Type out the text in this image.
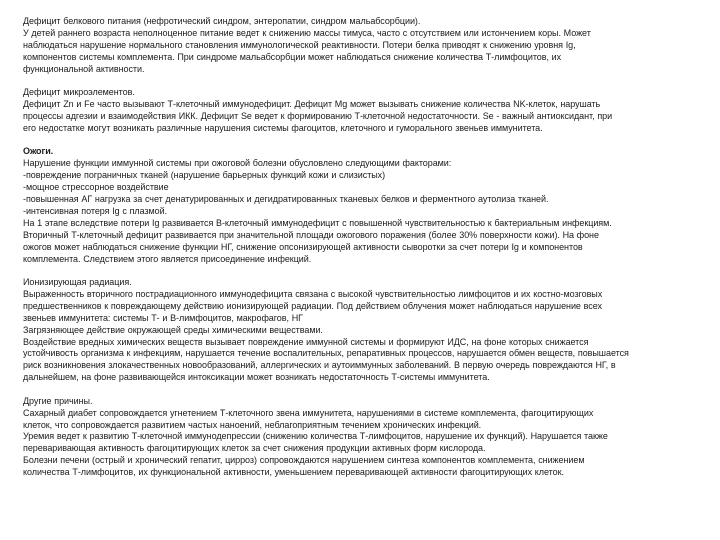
Дефицит белкового питания (нефротический синдром, энтеропатии, синдром мальабсорбции).
У детей раннего возраста неполноценное питание ведет к снижению массы тимуса, часто с отсутствием или истончением коры. Может
наблюдаться нарушение нормального становления иммунологической реактивности. Потери белка приводят к снижению уровня Ig,
компонентов системы комплемента. При синдроме мальабсорбции может наблюдаться снижение количества Т-лимфоцитов, их
функциональной активности.
Дефицит микроэлементов.
Дефицит Zn и Fe часто вызывают Т-клеточный иммунодефицит. Дефицит Mg может вызывать снижение количества NK-клеток, нарушать
процессы адгезии и взаимодействия ИКК. Дефицит Se ведет к формированию Т-клеточной недостаточности. Se - важный антиоксидант, при
его недостатке могут возникать различные нарушения системы фагоцитов, клеточного и гуморального звеньев иммунитета.
Ожоги.
Нарушение функции иммунной системы при ожоговой болезни обусловлено следующими факторами:
-повреждение пограничных тканей (нарушение барьерных функций кожи и слизистых)
-мощное стрессорное воздействие
-повышенная АГ нагрузка за счет денатурированных и дегидратированных тканевых белков и ферментного аутолиза тканей.
-интенсивная потеря Ig с плазмой.
На 1 этапе вследствие потери Ig развивается В-клеточный иммунодефицит с повышенной чувствительностью к бактериальным инфекциям.
Вторичный Т-клеточный дефицит развивается при значительной площади ожогового поражения (более 30% поверхности кожи). На фоне
ожогов может наблюдаться снижение функции НГ, снижение опсонизирующей активности сыворотки за счет потери Ig и компонентов
комплемента. Следствием этого является присоединение инфекций.
Ионизирующая радиация.
Выраженность вторичного пострадиационного иммунодефицита связана с высокой чувствительностью лимфоцитов и их костно-мозговых
предшественников к повреждающему действию ионизирующей радиации. Под действием облучения может наблюдаться нарушение всех
звеньев иммунитета: системы Т- и В-лимфоцитов, макрофагов, НГ
Загрязняющее действие окружающей среды химическими веществами.
Воздействие вредных химических веществ вызывает повреждение иммунной системы и формируют ИДС, на фоне которых снижается
устойчивость организма к инфекциям, нарушается течение воспалительных, репаративных процессов, нарушается обмен веществ, повышается
риск возникновения злокачественных новообразований, аллергических и аутоиммунных заболеваний. В первую очередь повреждаются НГ, в
дальнейшем, на фоне развивающейся интоксикации может возникать недостаточность Т-системы иммунитета.
Другие причины.
Сахарный диабет сопровождается угнетением Т-клеточного звена иммунитета, нарушениями в системе комплемента, фагоцитирующих
клеток, что сопровождается развитием частых наноений, неблагоприятным течением хронических инфекций.
Уремия ведет к развитию Т-клеточной иммунодепрессии (снижению количества Т-лимфоцитов, нарушение их функций). Нарушается также
переваривающая активность фагоцитирующих клеток за счет снижения продукции активных форм кислорода.
Болезни печени (острый и хронический гепатит, цирроз) сопровождаются нарушением синтеза компонентов комплемента, снижением
количества Т-лимфоцитов, их функциональной активности, уменьшением переваривающей активности фагоцитирующих клеток.
